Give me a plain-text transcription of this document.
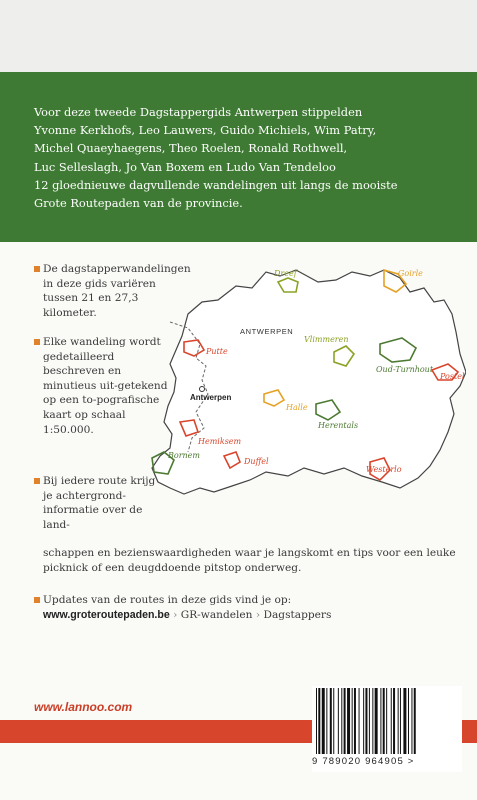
Voor deze tweede Dagstappergids Antwerpen stippelden

Yvonne Kerkhofs, Leo Lauwers, Guido Michiels, Wim Patry,

Michel Quaeyhaegens, Theo Roelen, Ronald Rothwell,

Luc Selleslagh, Jo Van Boxem en Ludo Van Tendeloo

12 gloednieuwe dagvullende wandelingen uit langs de mooiste

Grote Routepaden van de provincie.

Dreef	Goirle
Putte
ANTWERPEN
Vlimmeren
Oud-Turnhout
Postel
Antwerpen
Halle
Herentals
Hemiksem
Bornem
Duffel
Westerlo
De dagstapperwandelingen in deze gids variëren tussen 21 en 27,3 kilometer.
Elke wandeling wordt gedetailleerd beschreven en minutieus uit-getekend op een to-pografische kaart op schaal 1:50.000.
Bij iedere route krijg je achtergrond-informatie over de land-
schappen en bezienswaardigheden waar je langskomt en tips voor een leuke picknick of een deugddoende pitstop onderweg.
Updates van de routes in deze gids vind je op:
www.groteroutepaden.be › GR-wandelen › Dagstappers
www.lannoo.com
9 789020 964905 >
